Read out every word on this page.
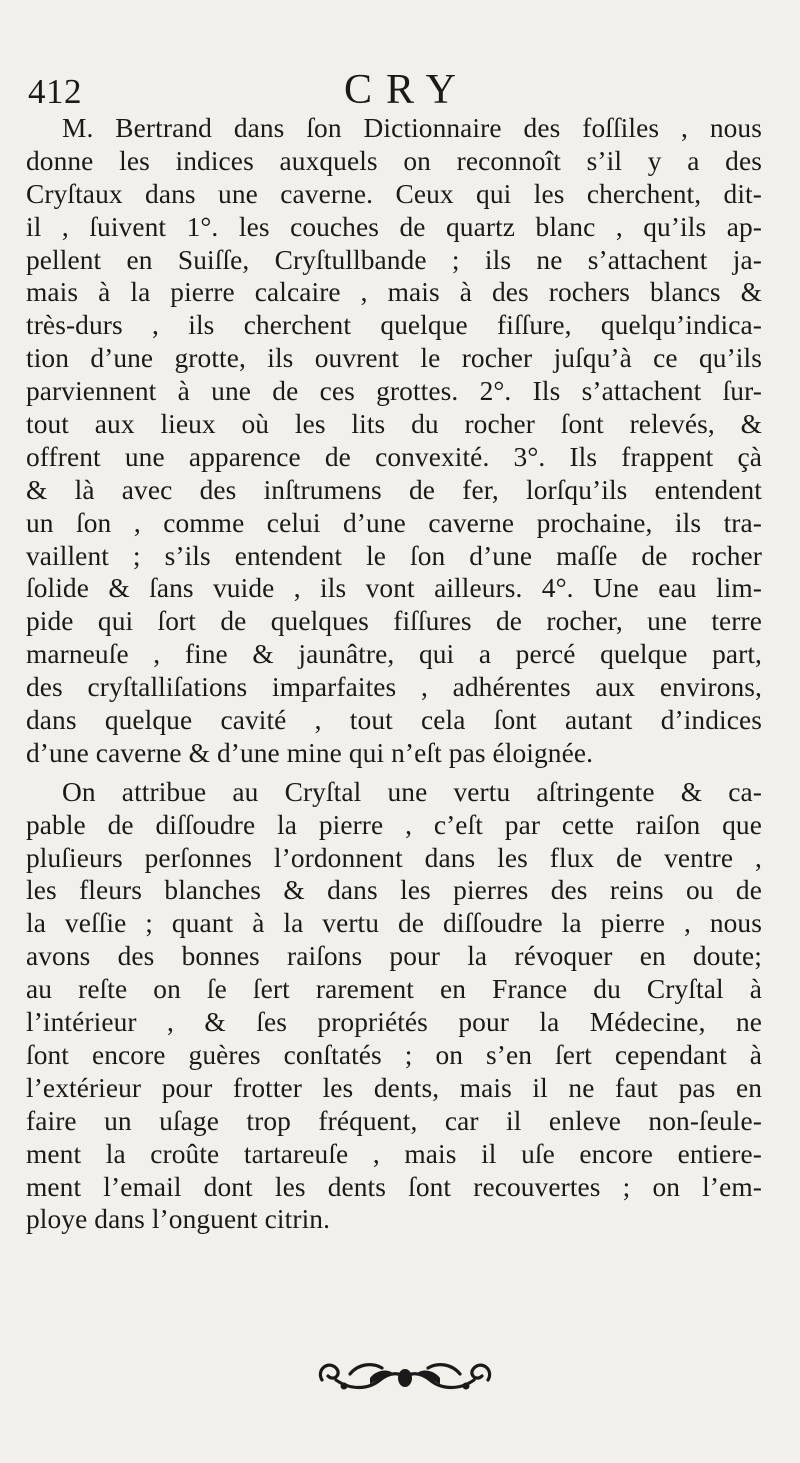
412	CRY
M. Bertrand dans ſon Dictionnaire des foſſiles , nous
donne les indices auxquels on reconnoît s’il y a des
Cryſtaux dans une caverne. Ceux qui les cherchent, dit-
il , ſuivent 1°. les couches de quartz blanc , qu’ils ap-
pellent en Suiſſe, Cryſtullbande ; ils ne s’attachent ja-
mais à la pierre calcaire , mais à des rochers blancs &
très-durs , ils cherchent quelque fiſſure, quelqu’indica-
tion d’une grotte, ils ouvrent le rocher juſqu’à ce qu’ils
parviennent à une de ces grottes. 2°. Ils s’attachent ſur-
tout aux lieux où les lits du rocher ſont relevés, &
offrent une apparence de convexité. 3°. Ils frappent çà
& là avec des inſtrumens de fer, lorſqu’ils entendent
un ſon , comme celui d’une caverne prochaine, ils tra-
vaillent ; s’ils entendent le ſon d’une maſſe de rocher
ſolide & ſans vuide , ils vont ailleurs. 4°. Une eau lim-
pide qui ſort de quelques fiſſures de rocher, une terre
marneuſe , fine & jaunâtre, qui a percé quelque part,
des cryſtalliſations imparfaites , adhérentes aux environs,
dans quelque cavité , tout cela ſont autant d’indices
d’une caverne & d’une mine qui n’eſt pas éloignée.
On attribue au Cryſtal une vertu aſtringente & ca-
pable de diſſoudre la pierre , c’eſt par cette raiſon que
pluſieurs perſonnes l’ordonnent dans les flux de ventre ,
les fleurs blanches & dans les pierres des reins ou de
la veſſie ; quant à la vertu de diſſoudre la pierre , nous
avons des bonnes raiſons pour la révoquer en doute;
au reſte on ſe ſert rarement en France du Cryſtal à
l’intérieur , & ſes propriétés pour la Médecine, ne
ſont encore guères conſtatés ; on s’en ſert cependant à
l’extérieur pour frotter les dents, mais il ne faut pas en
faire un uſage trop fréquent, car il enleve non-ſeule-
ment la croûte tartareuſe , mais il uſe encore entiere-
ment l’email dont les dents ſont recouvertes ; on l’em-
ploye dans l’onguent citrin.
